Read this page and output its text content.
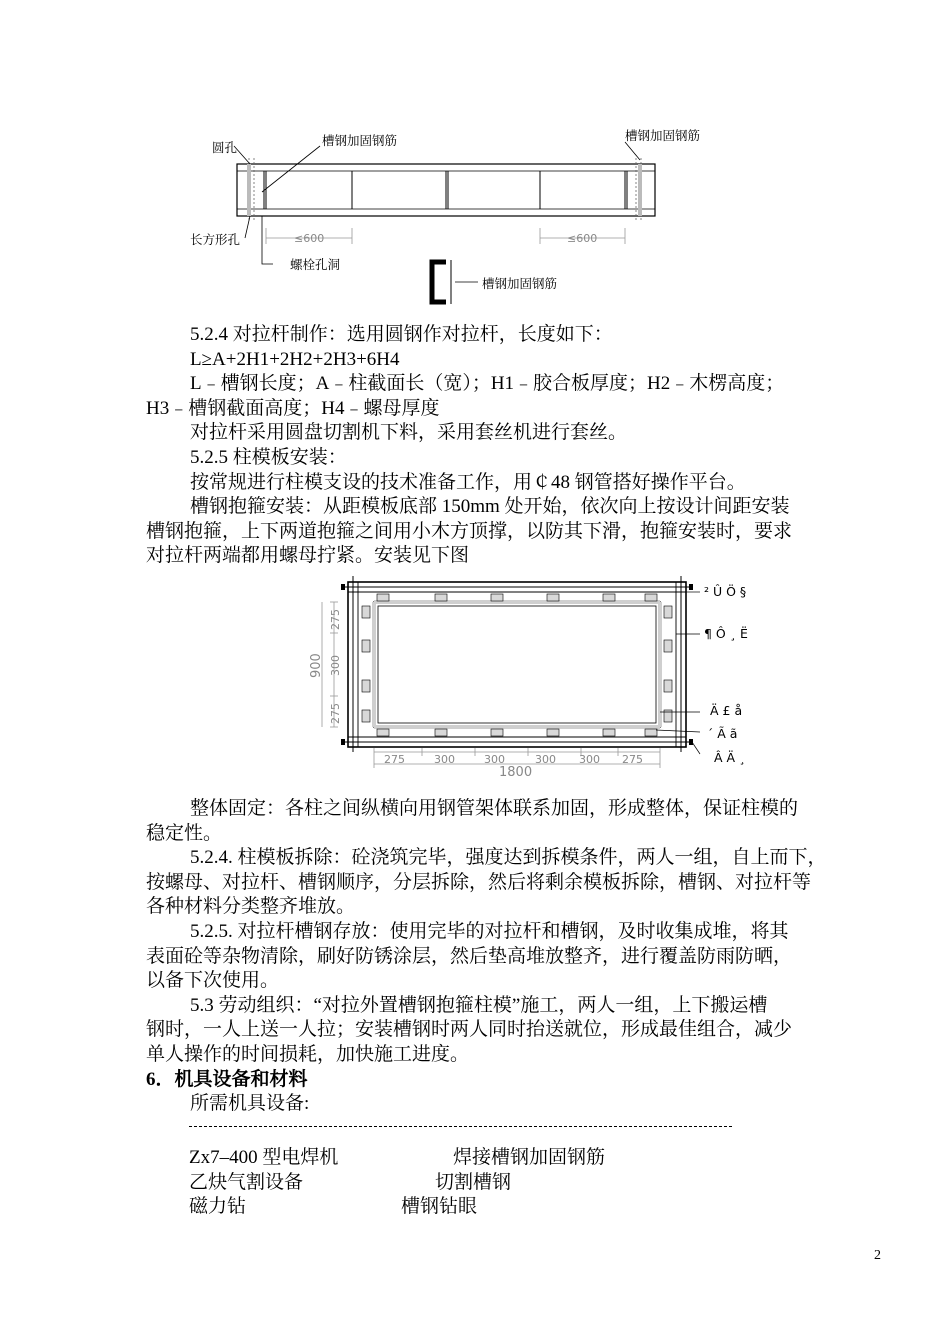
≤600	≤600
圆孔	槽钢加固钢筋	槽钢加固钢筋
长方形孔
螺栓孔洞
槽钢加固钢筋
5.2.4 对拉杆制作：选用圆钢作对拉杆，长度如下：
L≥A+2H1+2H2+2H3+6H4
L﹣槽钢长度；A﹣柱截面长（宽）；H1﹣胶合板厚度；H2﹣木楞高度；
H3﹣槽钢截面高度；H4﹣螺母厚度
对拉杆采用圆盘切割机下料，采用套丝机进行套丝。
5.2.5 柱模板安装：
按常规进行柱模支设的技术准备工作，用￠48 钢管搭好操作平台。
槽钢抱箍安装：从距模板底部 150mm 处开始，依次向上按设计间距安装
槽钢抱箍，上下两道抱箍之间用小木方顶撑，以防其下滑，抱箍安装时，要求
对拉杆两端都用螺母拧紧。安装见下图
275
300
275
900
275	300	300	300 300 275
1800
² Û Ö §
¶ Ô ¸ Ë
Ä £ å
´ Ã ã
Â Ä ¸
整体固定：各柱之间纵横向用钢管架体联系加固，形成整体，保证柱模的
稳定性。
5.2.4. 柱模板拆除：砼浇筑完毕，强度达到拆模条件，两人一组，自上而下，
按螺母、对拉杆、槽钢顺序，分层拆除，然后将剩余模板拆除，槽钢、对拉杆等
各种材料分类整齐堆放。
5.2.5. 对拉杆槽钢存放：使用完毕的对拉杆和槽钢，及时收集成堆，将其
表面砼等杂物清除，刷好防锈涂层，然后垫高堆放整齐，进行覆盖防雨防晒，
以备下次使用。
5.3 劳动组织：“对拉外置槽钢抱箍柱模”施工，两人一组，上下搬运槽
钢时，一人上送一人拉；安装槽钢时两人同时抬送就位，形成最佳组合，减少
单人操作的时间损耗，加快施工进度。
6．机具设备和材料
所需机具设备:
Zx7–400 型电焊机	焊接槽钢加固钢筋
乙炔气割设备	切割槽钢
磁力钻	槽钢钻眼
2
